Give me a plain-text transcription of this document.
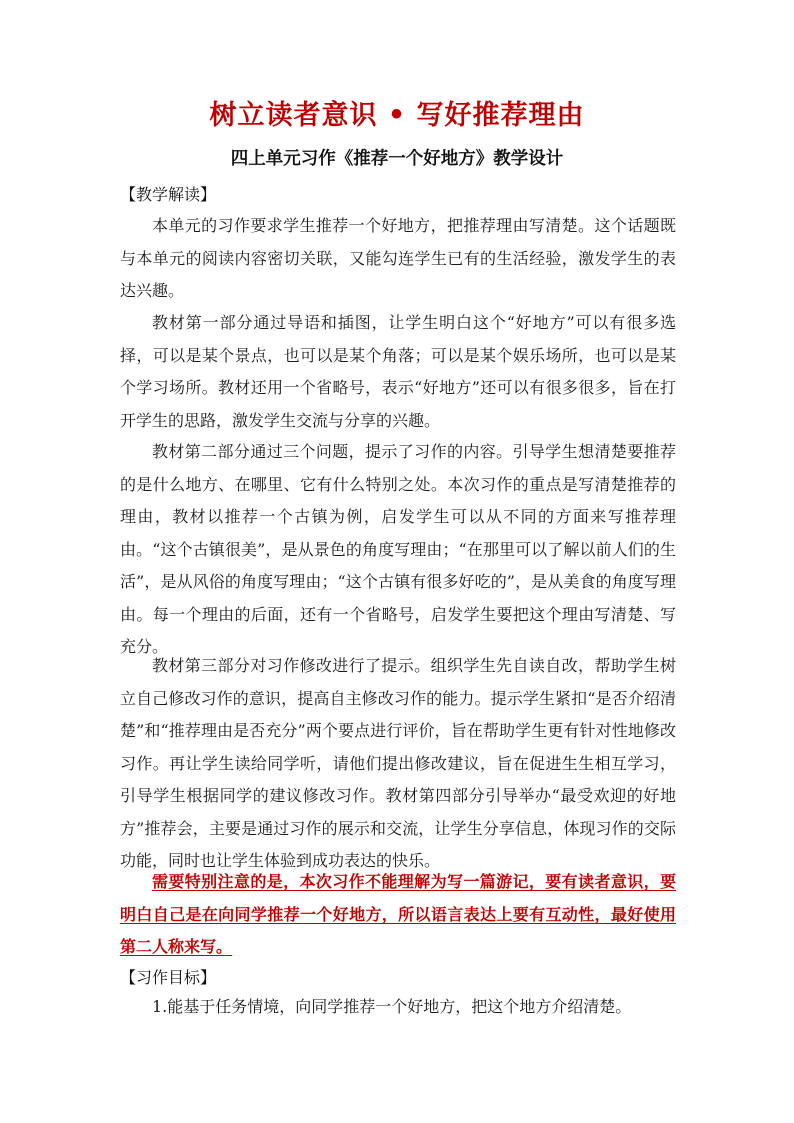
树立读者意识 • 写好推荐理由
四上单元习作《推荐一个好地方》教学设计
【教学解读】

本单元的习作要求学生推荐一个好地方，把推荐理由写清楚。这个话题既与本单元的阅读内容密切关联，又能勾连学生已有的生活经验，激发学生的表达兴趣。

教材第一部分通过导语和插图，让学生明白这个“好地方”可以有很多选择，可以是某个景点，也可以是某个角落；可以是某个娱乐场所，也可以是某个学习场所。教材还用一个省略号，表示“好地方”还可以有很多很多，旨在打开学生的思路，激发学生交流与分享的兴趣。

教材第二部分通过三个问题，提示了习作的内容。引导学生想清楚要推荐的是什么地方、在哪里、它有什么特别之处。本次习作的重点是写清楚推荐的理由，教材以推荐一个古镇为例，启发学生可以从不同的方面来写推荐理由。“这个古镇很美”，是从景色的角度写理由；“在那里可以了解以前人们的生活”，是从风俗的角度写理由；“这个古镇有很多好吃的”，是从美食的角度写理由。每一个理由的后面，还有一个省略号，启发学生要把这个理由写清楚、写充分。

教材第三部分对习作修改进行了提示。组织学生先自读自改，帮助学生树立自己修改习作的意识，提高自主修改习作的能力。提示学生紧扣“是否介绍清楚”和“推荐理由是否充分”两个要点进行评价，旨在帮助学生更有针对性地修改习作。再让学生读给同学听，请他们提出修改建议，旨在促进生生相互学习，引导学生根据同学的建议修改习作。教材第四部分引导举办“最受欢迎的好地方”推荐会，主要是通过习作的展示和交流，让学生分享信息，体现习作的交际功能，同时也让学生体验到成功表达的快乐。

需要特别注意的是，本次习作不能理解为写一篇游记，要有读者意识，要明白自己是在向同学推荐一个好地方，所以语言表达上要有互动性，最好使用第二人称来写。

【习作目标】
1.能基于任务情境，向同学推荐一个好地方，把这个地方介绍清楚。
